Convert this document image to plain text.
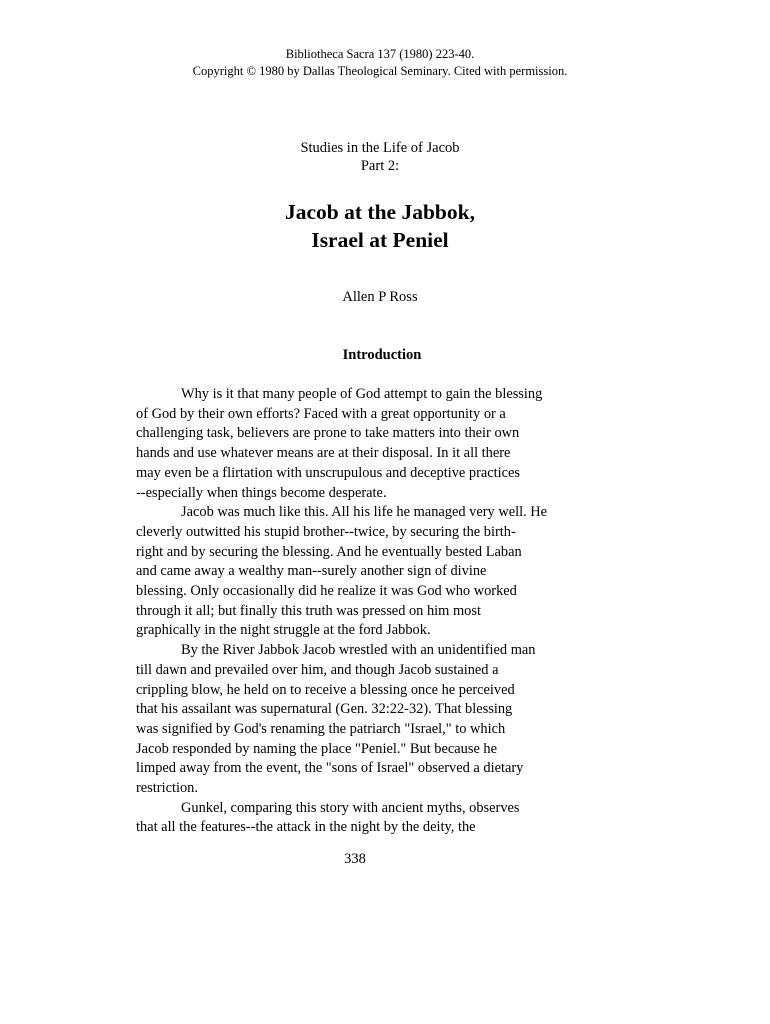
Bibliotheca Sacra 137 (1980) 223-40.
Copyright © 1980 by Dallas Theological Seminary. Cited with permission.
Studies in the Life of Jacob
Part 2:
Jacob at the Jabbok,
Israel at Peniel
Allen P Ross
Introduction
Why is it that many people of God attempt to gain the blessing
of God by their own efforts? Faced with a great opportunity or a
challenging task, believers are prone to take matters into their own
hands and use whatever means are at their disposal. In it all there
may even be a flirtation with unscrupulous and deceptive practices
--especially when things become desperate.
Jacob was much like this. All his life he managed very well. He
cleverly outwitted his stupid brother--twice, by securing the birth-
right and by securing the blessing. And he eventually bested Laban
and came away a wealthy man--surely another sign of divine
blessing. Only occasionally did he realize it was God who worked
through it all; but finally this truth was pressed on him most
graphically in the night struggle at the ford Jabbok.
By the River Jabbok Jacob wrestled with an unidentified man
till dawn and prevailed over him, and though Jacob sustained a
crippling blow, he held on to receive a blessing once he perceived
that his assailant was supernatural (Gen. 32:22-32). That blessing
was signified by God's renaming the patriarch "Israel," to which
Jacob responded by naming the place "Peniel." But because he
limped away from the event, the "sons of Israel" observed a dietary
restriction.
Gunkel, comparing this story with ancient myths, observes
that all the features--the attack in the night by the deity, the
338
